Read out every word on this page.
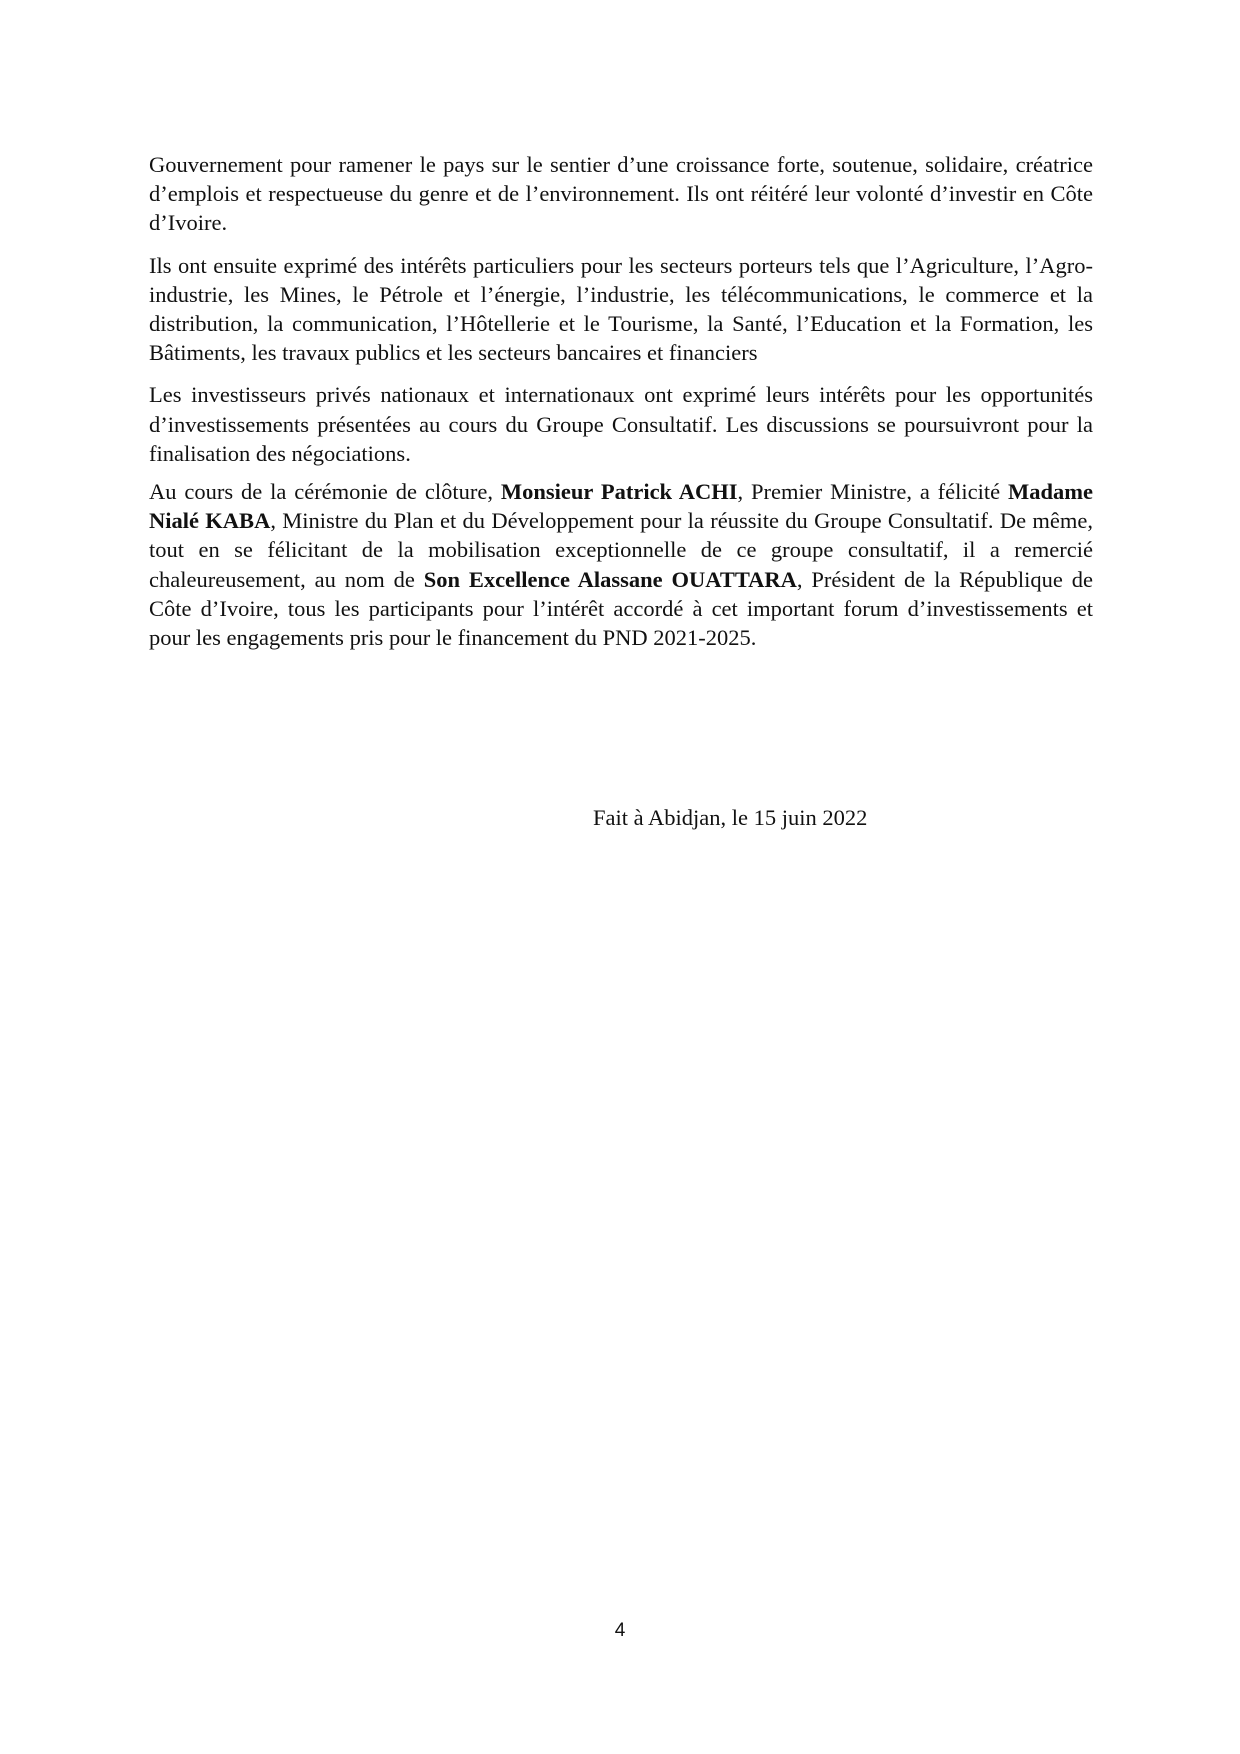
Gouvernement pour ramener le pays sur le sentier d’une croissance forte, soutenue, solidaire, créatrice d’emplois et respectueuse du genre et de l’environnement. Ils ont réitéré leur volonté d’investir en Côte d’Ivoire.

Ils ont ensuite exprimé des intérêts particuliers pour les secteurs porteurs tels que l’Agriculture, l’Agro-industrie, les Mines, le Pétrole et l’énergie, l’industrie, les télécommunications, le commerce et la distribution, la communication, l’Hôtellerie et le Tourisme, la Santé, l’Education et la Formation, les Bâtiments, les travaux publics et les secteurs bancaires et financiers

Les investisseurs privés nationaux et internationaux ont exprimé leurs intérêts pour les opportunités d’investissements présentées au cours du Groupe Consultatif. Les discussions se poursuivront pour la finalisation des négociations.

Au cours de la cérémonie de clôture, Monsieur Patrick ACHI, Premier Ministre, a félicité Madame Nialé KABA, Ministre du Plan et du Développement pour la réussite du Groupe Consultatif. De même, tout en se félicitant de la mobilisation exceptionnelle de ce groupe consultatif, il a remercié chaleureusement, au nom de Son Excellence Alassane OUATTARA, Président de la République de Côte d’Ivoire, tous les participants pour l’intérêt accordé à cet important forum d’investissements et pour les engagements pris pour le financement du PND 2021-2025.

Fait à Abidjan, le 15 juin 2022
4
